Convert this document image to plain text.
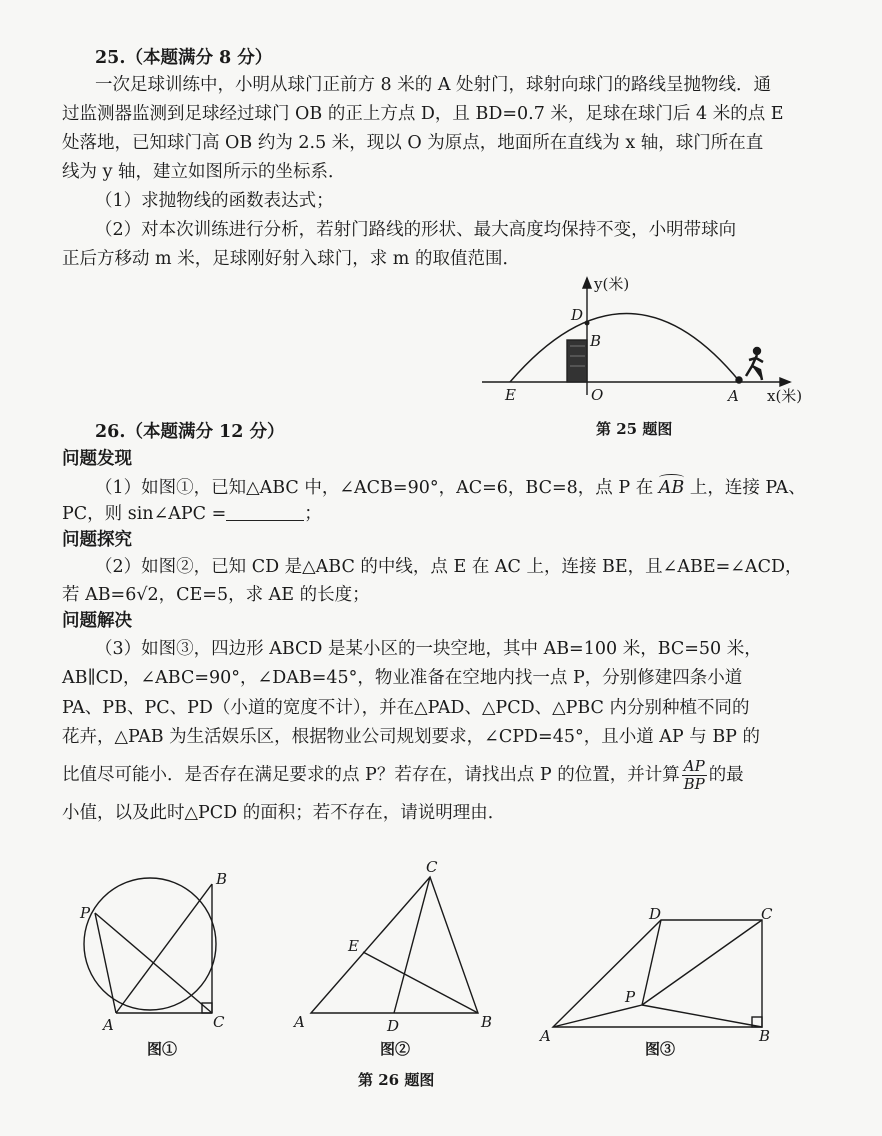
25.（本题满分 8 分）
一次足球训练中，小明从球门正前方 8 米的 A 处射门，球射向球门的路线呈抛物线．通
过监测器监测到足球经过球门 OB 的正上方点 D，且 BD=0.7 米，足球在球门后 4 米的点 E
处落地，已知球门高 OB 约为 2.5 米，现以 O 为原点，地面所在直线为 x 轴，球门所在直
线为 y 轴，建立如图所示的坐标系．
（1）求抛物线的函数表达式；
（2）对本次训练进行分析，若射门路线的形状、最大高度均保持不变，小明带球向
正后方移动 m 米，足球刚好射入球门，求 m 的取值范围．
26.（本题满分 12 分）
问题发现
（1）如图①，已知△ABC 中，∠ACB=90°，AC=6，BC=8，点 P 在 AB 上，连接 PA、
PC，则 sin∠APC =	；
问题探究
（2）如图②，已知 CD 是△ABC 的中线，点 E 在 AC 上，连接 BE，且∠ABE=∠ACD，
若 AB=6√2，CE=5，求 AE 的长度；
问题解决
（3）如图③，四边形 ABCD 是某小区的一块空地，其中 AB=100 米，BC=50 米，
AB∥CD，∠ABC=90°，∠DAB=45°，物业准备在空地内找一点 P，分别修建四条小道
PA、PB、PC、PD（小道的宽度不计），并在△PAD、△PCD、△PBC 内分别种植不同的
花卉，△PAB 为生活娱乐区，根据物业公司规划要求，∠CPD=45°，且小道 AP 与 BP 的
比值尽可能小．是否存在满足要求的点 P？若存在，请找出点 P 的位置，并计算 $\frac{AP}{BP}$ 的最
小值，以及此时△PCD 的面积；若不存在，请说明理由．
y(米)
x(米)
D
B
E	O	A
P
B
A	C
C
E
A	D	B
D	C
P
A	B
第 25 题图
图①	图②	图③
第 26 题图
